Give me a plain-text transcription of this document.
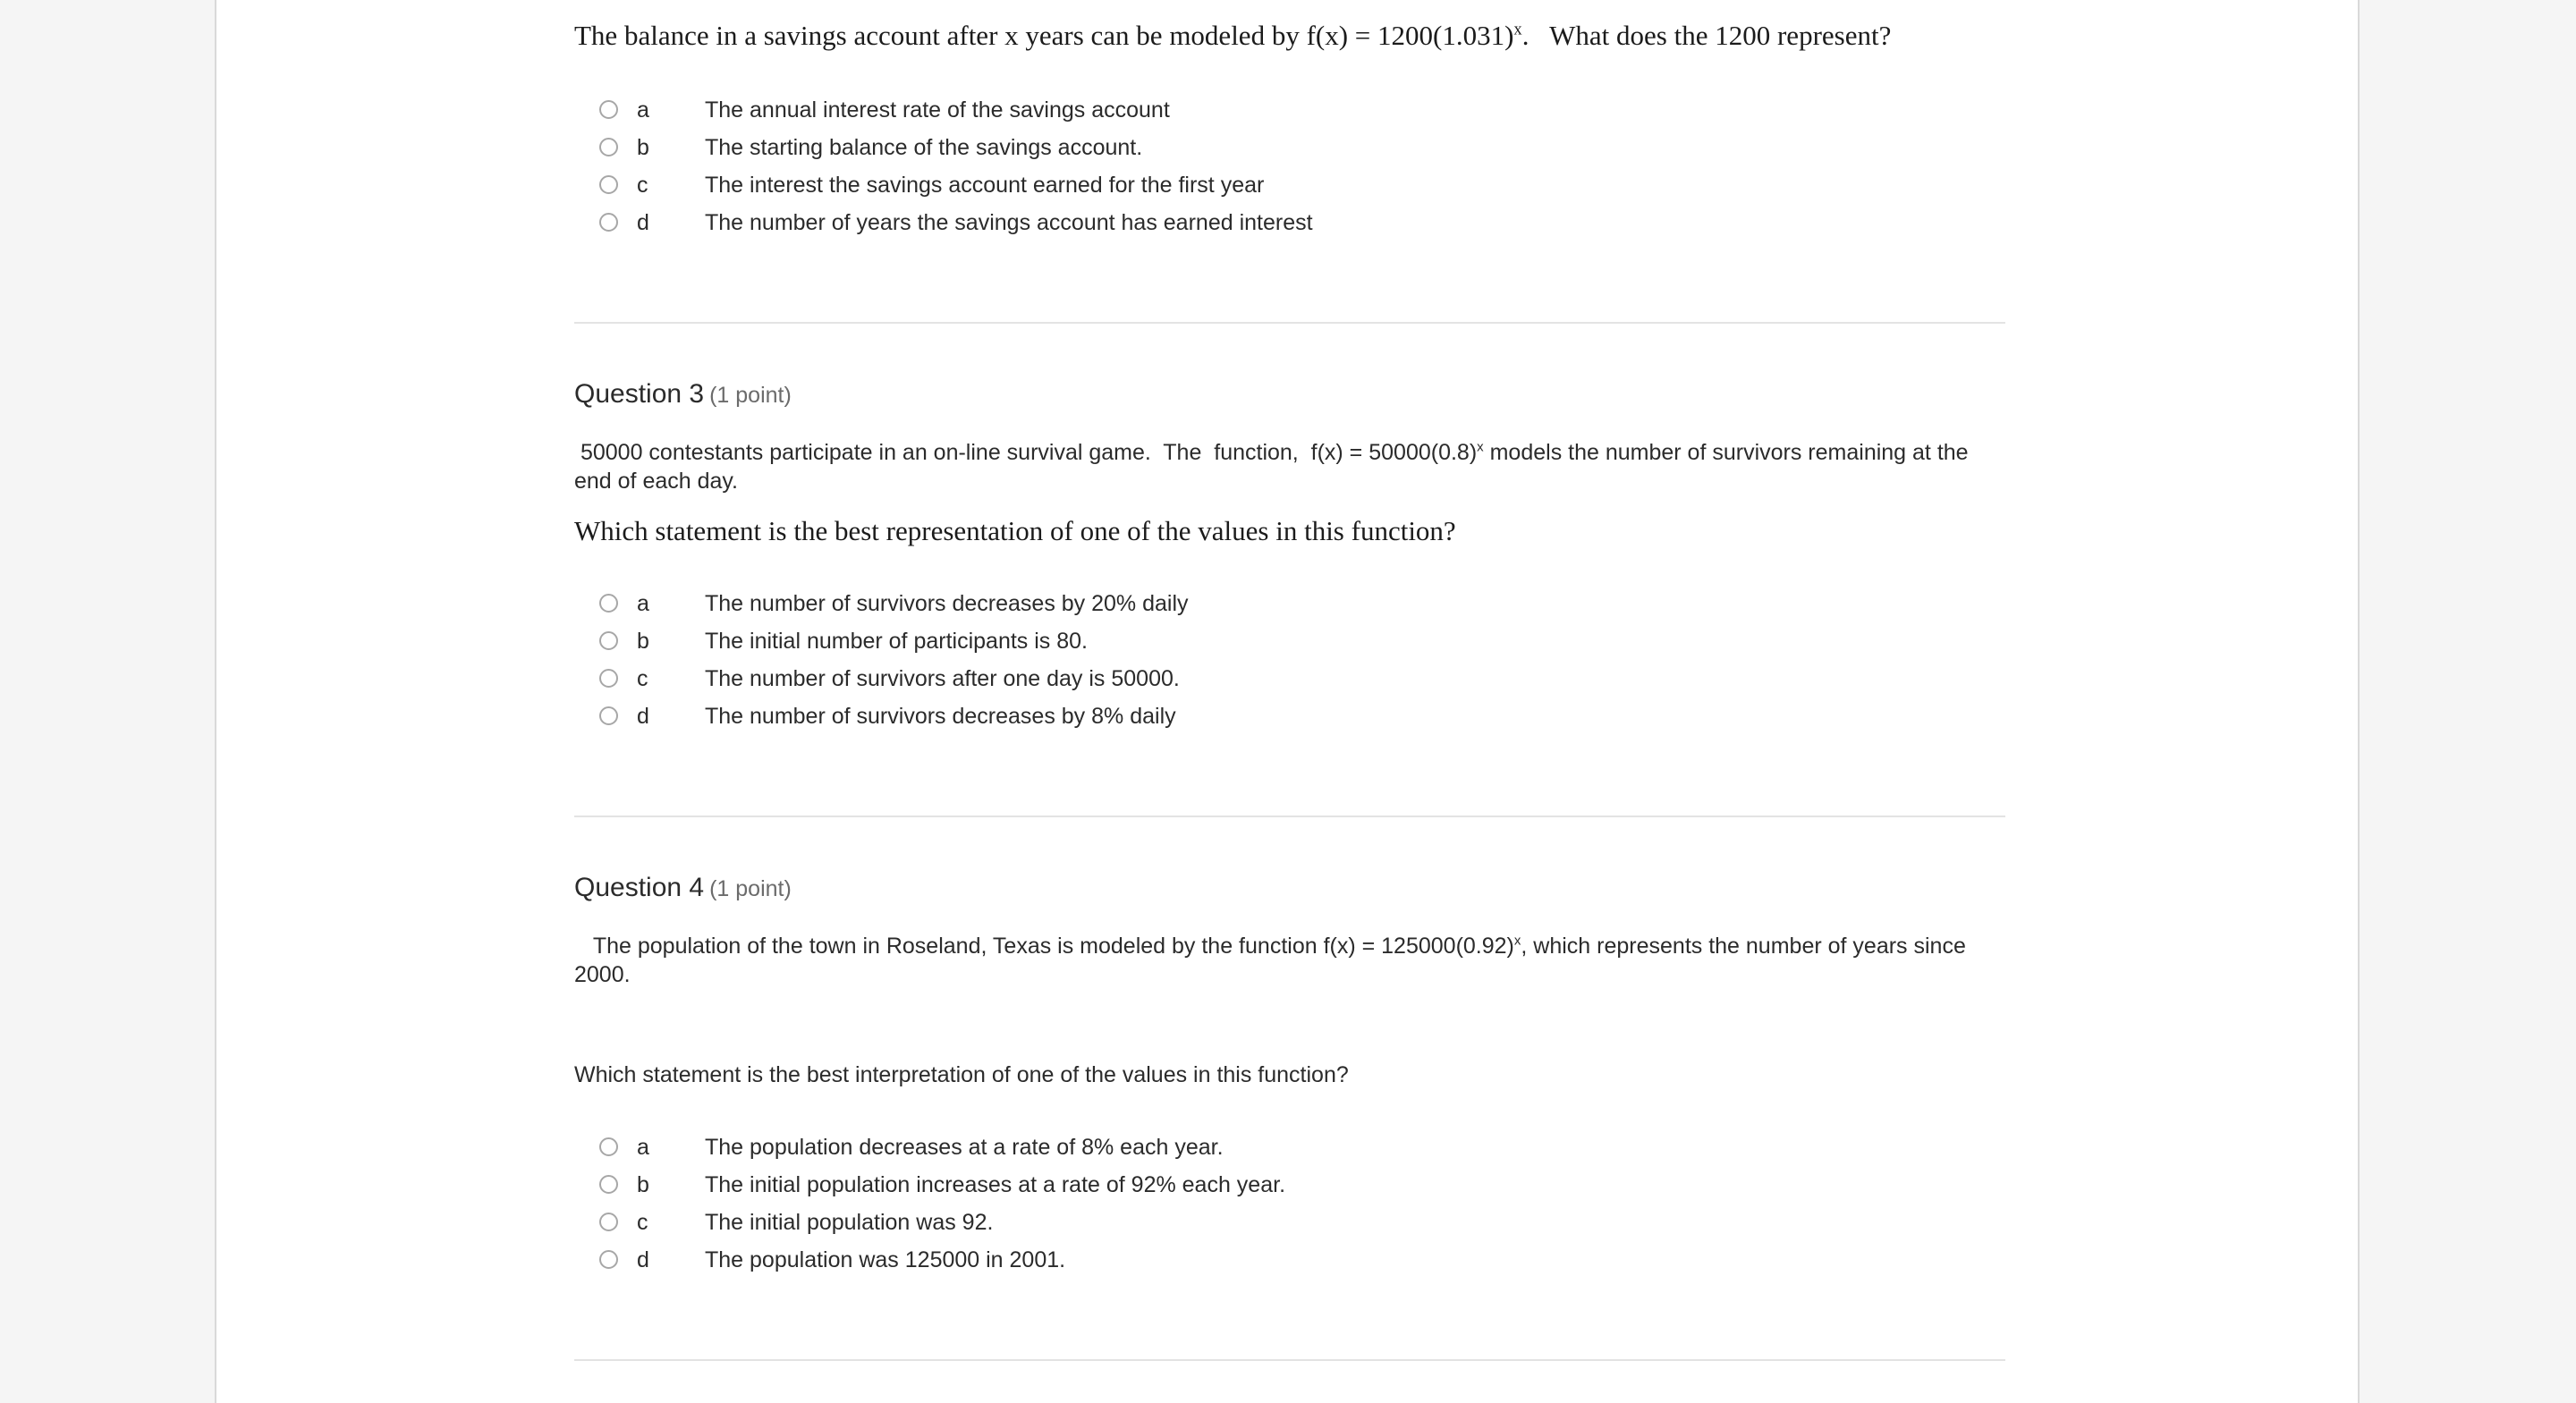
The balance in a savings account after x years can be modeled by $f(x) = 1200(1.031)^x$.   What does the 1200 represent?
a The annual interest rate of the savings account
b The starting balance of the savings account.
c	The interest the savings account earned for the first year
d The number of years the savings account has earned interest
Question 3 (1 point)
50000 contestants participate in an on-line survival game.  The  function,  $f(x) = 50000(0.8)^x$ models the number of survivors remaining at the end of each day.
Which statement is the best representation of one of the values in this function?
a The number of survivors decreases by 20% daily
b The initial number of participants is 80.
c	The number of survivors after one day is 50000.
d The number of survivors decreases by 8% daily
Question 4 (1 point)
The population of the town in Roseland, Texas is modeled by the function $f(x) = 125000(0.92)^x$, which represents the number of years since 2000.
Which statement is the best interpretation of one of the values in this function?
a The population decreases at a rate of 8% each year.
b The initial population increases at a rate of 92% each year.
c	The initial population was 92.
d The population was 125000 in 2001.
